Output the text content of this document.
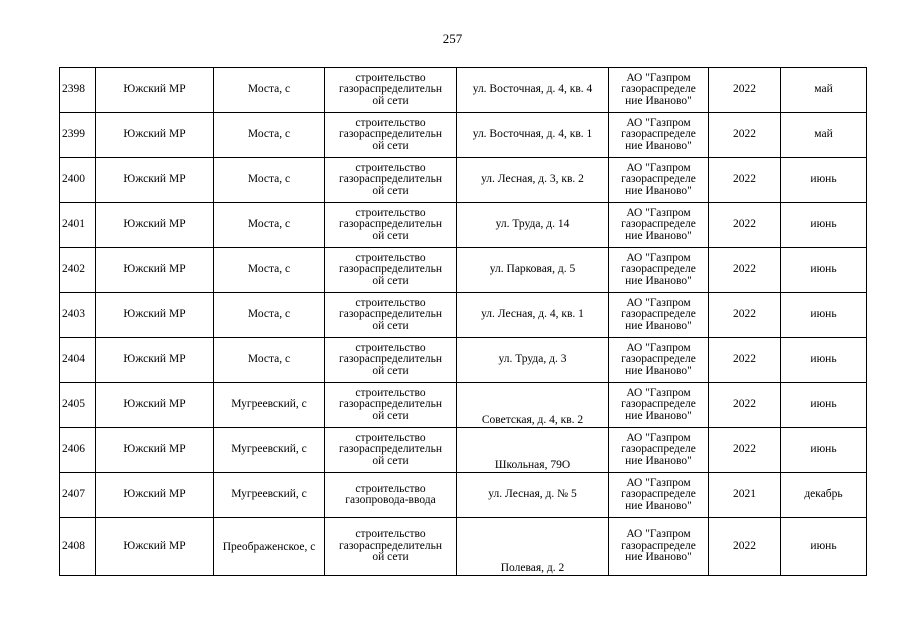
257
2398	Южский МР	Моста, с	строительство
газораспределительн
ой сети	ул. Восточная, д. 4, кв. 4	АО "Газпром
газораспределе
ние Иваново"	2022	май
2399	Южский МР	Моста, с	строительство
газораспределительн
ой сети	ул. Восточная, д. 4, кв. 1	АО "Газпром
газораспределе
ние Иваново"	2022	май
2400	Южский МР	Моста, с	строительство
газораспределительн
ой сети	ул. Лесная, д. 3, кв. 2	АО "Газпром
газораспределе
ние Иваново"	2022	июнь
2401	Южский МР	Моста, с	строительство
газораспределительн
ой сети	ул. Труда, д. 14	АО "Газпром
газораспределе
ние Иваново"	2022	июнь
2402	Южский МР	Моста, с	строительство
газораспределительн
ой сети	ул. Парковая, д. 5	АО "Газпром
газораспределе
ние Иваново"	2022	июнь
2403	Южский МР	Моста, с	строительство
газораспределительн
ой сети	ул. Лесная, д. 4, кв. 1	АО "Газпром
газораспределе
ние Иваново"	2022	июнь
2404	Южский МР	Моста, с	строительство
газораспределительн
ой сети	ул. Труда, д. 3	АО "Газпром
газораспределе
ние Иваново"	2022	июнь
2405	Южский МР	Мугреевский, с	строительство
газораспределительн
ой сети	Советская, д. 4, кв. 2	АО "Газпром
газораспределе
ние Иваново"	2022	июнь
2406	Южский МР	Мугреевский, с	строительство
газораспределительн
ой сети	Школьная, 79О	АО "Газпром
газораспределе
ние Иваново"	2022	июнь
2407	Южский МР	Мугреевский, с	строительство
газопровода-ввода	ул. Лесная, д. № 5	АО "Газпром
газораспределе
ние Иваново"	2021	декабрь
2408	Южский МР	Преображенское, с	строительство
газораспределительн
ой сети	Полевая, д. 2	АО "Газпром
газораспределе
ние Иваново"	2022	июнь
